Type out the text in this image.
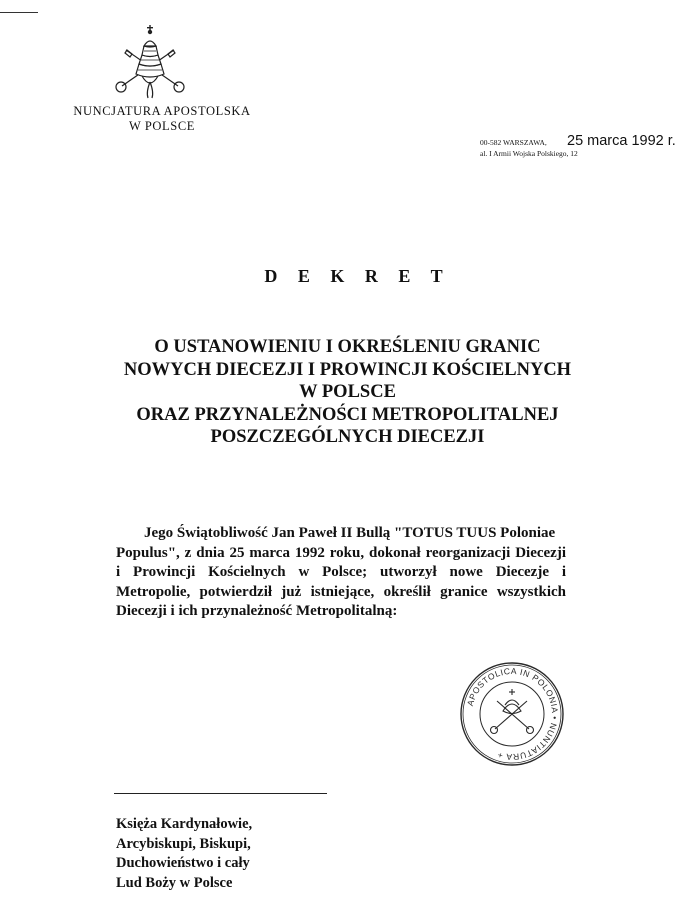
NUNCJATURA APOSTOLSKA
W POLSCE
00-582 WARSZAWA,
al. I Armii Wojska Polskiego, 12
25 marca 1992 r.
D E K R E T
O USTANOWIENIU I OKREŚLENIU GRANIC
NOWYCH DIECEZJI I PROWINCJI KOŚCIELNYCH
W POLSCE
ORAZ PRZYNALEŻNOŚCI METROPOLITALNEJ
POSZCZEGÓLNYCH DIECEZJI
Jego Świątobliwość Jan Paweł II Bullą "TOTUS TUUS Poloniae
Populus", z dnia 25 marca 1992 roku, dokonał reorganizacji Diecezji
i Prowincji Kościelnych w Polsce; utworzył nowe Diecezje i
Metropolie, potwierdził już istniejące, określił granice wszystkich
Diecezji i ich przynależność Metropolitalną:
APOSTOLICA IN POLONIA • NUNTIATURA +
Księża Kardynałowie,
Arcybiskupi, Biskupi,
Duchowieństwo i cały
Lud Boży w Polsce
